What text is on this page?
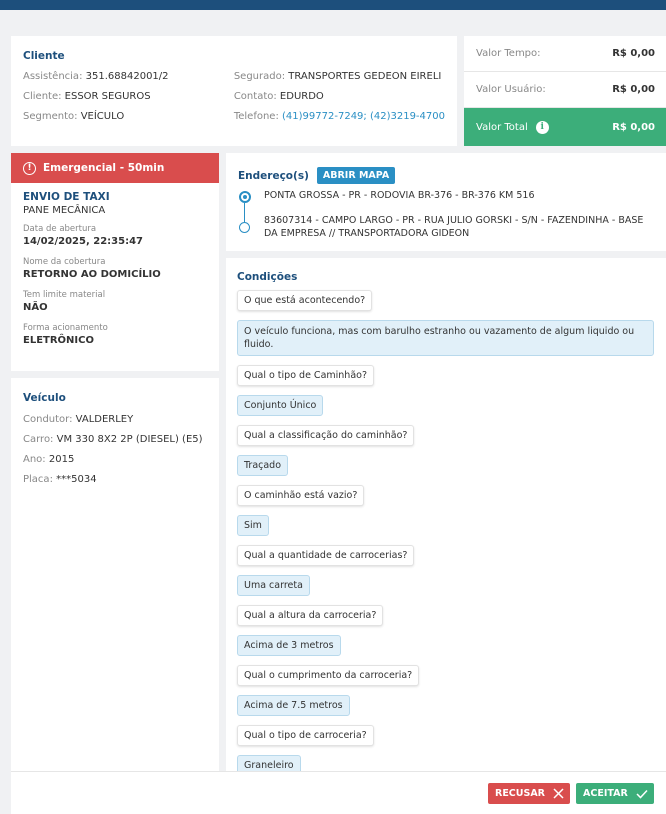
Cliente
Assistência: 351.68842001/2
Cliente: ESSOR SEGUROS
Segmento: VEÍCULO
Segurado: TRANSPORTES GEDEON EIRELI
Contato: EDURDO
Telefone: (41)99772-7249; (42)3219-4700
Valor Tempo:	R$ 0,00
Valor Usuário:	R$ 0,00
Valor Total	i	R$ 0,00
!	Emergencial - 50min
ENVIO DE TAXI
PANE MECÂNICA
Data de abertura
14/02/2025, 22:35:47
Nome da cobertura
RETORNO AO DOMICÍLIO
Tem limite material
NÃO
Forma acionamento
ELETRÔNICO
Veículo
Condutor: VALDERLEY
Carro: VM 330 8X2 2P (DIESEL) (E5)
Ano: 2015
Placa: ***5034
Endereço(s)	ABRIR MAPA
PONTA GROSSA - PR - RODOVIA BR-376 - BR-376 KM 516
83607314 - CAMPO LARGO - PR - RUA JULIO GORSKI - S/N - FAZENDINHA - BASE DA EMPRESA // TRANSPORTADORA GIDEON
Condições
O que está acontecendo?
O veículo funciona, mas com barulho estranho ou vazamento de algum liquido ou fluido.
Qual o tipo de Caminhão?
Conjunto Único
Qual a classificação do caminhão?
Traçado
O caminhão está vazio?
Sim
Qual a quantidade de carrocerias?
Uma carreta
Qual a altura da carroceria?
Acima de 3 metros
Qual o cumprimento da carroceria?
Acima de 7.5 metros
Qual o tipo de carroceria?
Graneleiro
RECUSAR	ACEITAR
